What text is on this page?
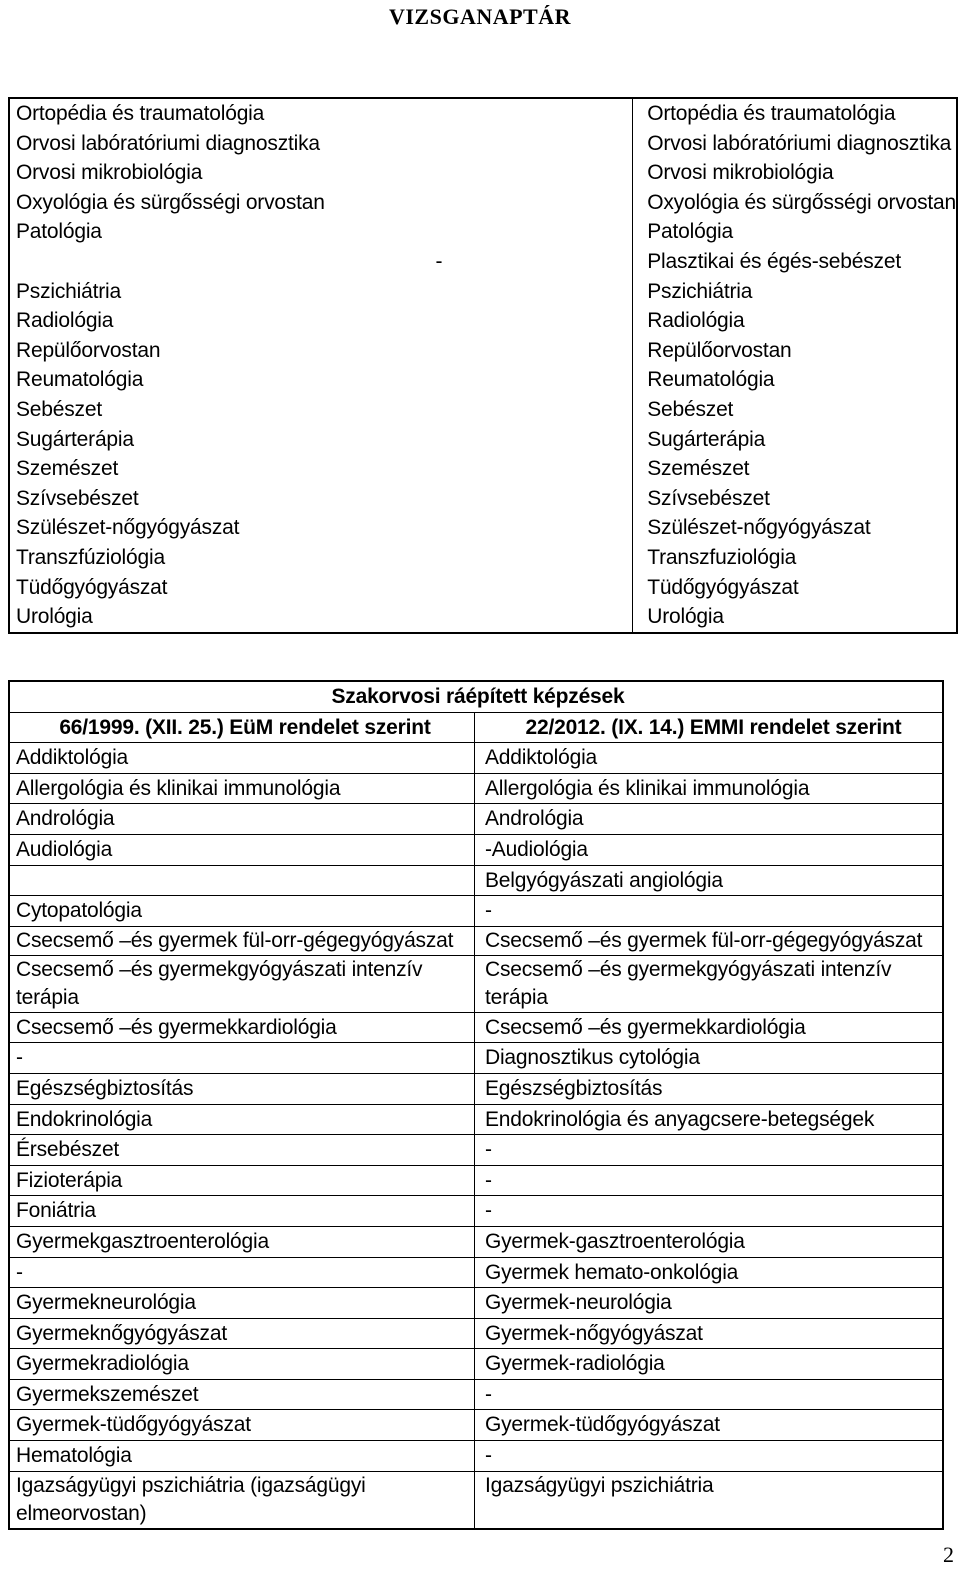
VIZSGANAPTÁR
Ortopédia és traumatológia	Ortopédia és traumatológia
Orvosi labóratóriumi diagnosztika	Orvosi labóratóriumi diagnosztika
Orvosi mikrobiológia	Orvosi mikrobiológia
Oxyológia és sürgősségi orvostan	Oxyológia és sürgősségi orvostan
Patológia	Patológia
-	Plasztikai és égés-sebészet
Pszichiátria	Pszichiátria
Radiológia	Radiológia
Repülőorvostan	Repülőorvostan
Reumatológia	Reumatológia
Sebészet	Sebészet
Sugárterápia	Sugárterápia
Szemészet	Szemészet
Szívsebészet	Szívsebészet
Szülészet-nőgyógyászat	Szülészet-nőgyógyászat
Transzfúziológia	Transzfuziológia
Tüdőgyógyászat	Tüdőgyógyászat
Urológia	Urológia
Szakorvosi ráépített képzések	
66/1999. (XII. 25.) EüM rendelet szerint	22/2012. (IX. 14.) EMMI rendelet szerint
Addiktológia	Addiktológia
Allergológia és klinikai immunológia	Allergológia és klinikai immunológia
Andrológia	Andrológia
Audiológia	-Audiológia
	Belgyógyászati angiológia
Cytopatológia	-
Csecsemő –és gyermek fül-orr-gégegyógyászat	Csecsemő –és gyermek fül-orr-gégegyógyászat
Csecsemő –és gyermekgyógyászati intenzív terápia	Csecsemő –és gyermekgyógyászati intenzív terápia
Csecsemő –és gyermekkardiológia	Csecsemő –és gyermekkardiológia
-	Diagnosztikus cytológia
Egészségbiztosítás	Egészségbiztosítás
Endokrinológia	Endokrinológia és anyagcsere-betegségek
Érsebészet	-
Fizioterápia	-
Foniátria	-
Gyermekgasztroenterológia	Gyermek-gasztroenterológia
-	Gyermek hemato-onkológia
Gyermekneurológia	Gyermek-neurológia
Gyermeknőgyógyászat	Gyermek-nőgyógyászat
Gyermekradiológia	Gyermek-radiológia
Gyermekszemészet	-
Gyermek-tüdőgyógyászat	Gyermek-tüdőgyógyászat
Hematológia	-
Igazságyügyi pszichiátria (igazságügyi elmeorvostan)	Igazságyügyi pszichiátria
2
